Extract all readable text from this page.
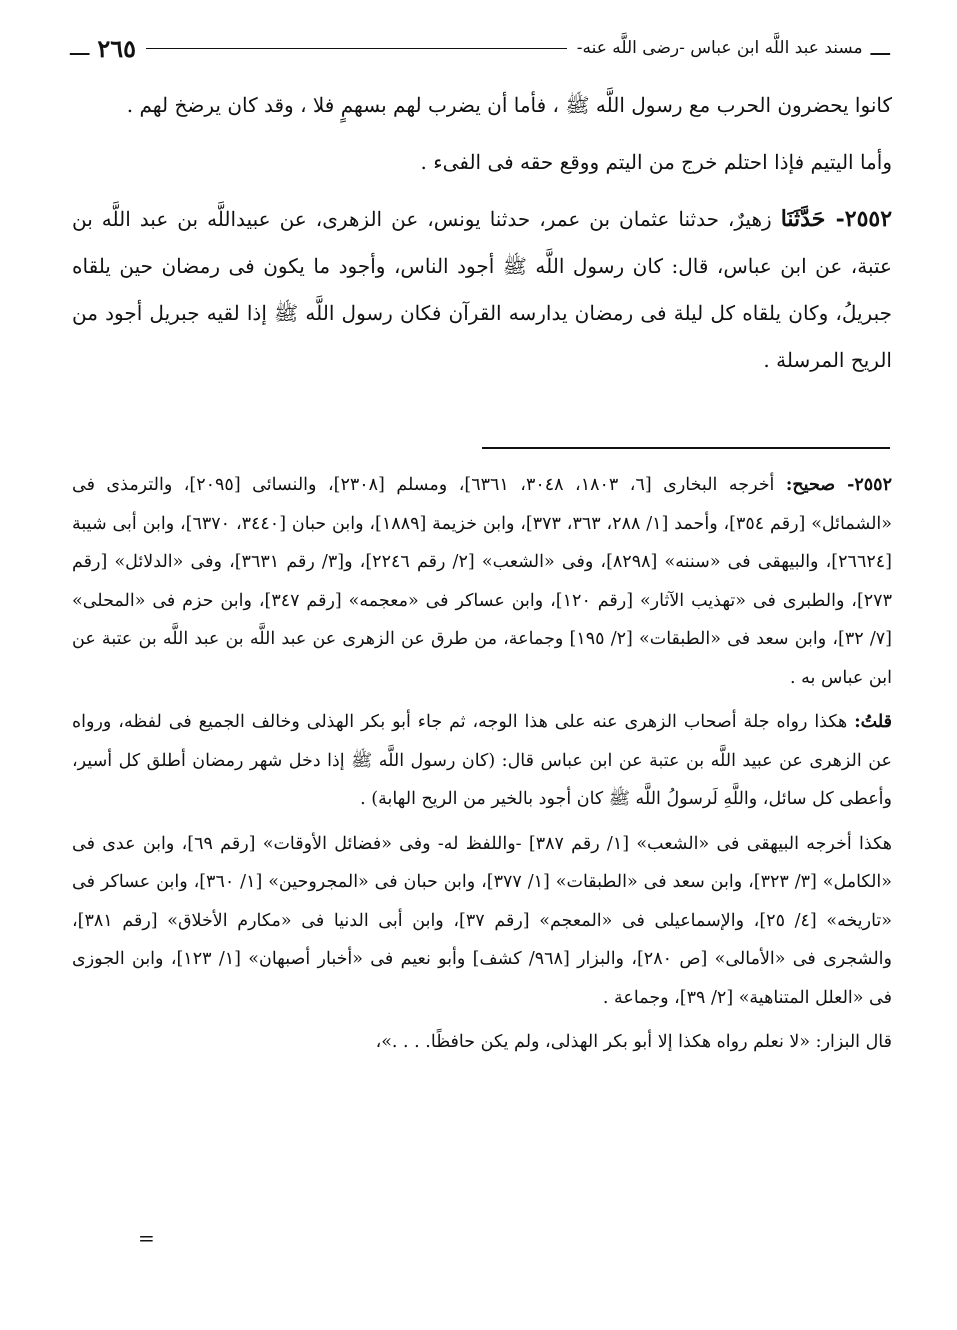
ـــ
مسند عبد اللَّه ابن عباس -رضى اللَّه عنه-
٢٦٥
ـــ

كانوا يحضرون الحرب مع رسول اللَّه ﷺ ، فأما أن يضرب لهم بسهمٍ فلا ، وقد كان يرضخ لهم .

وأما اليتيم فإذا احتلم خرج من اليتم ووقع حقه فى الفىء .

٢٥٥٢- حَدَّثَنَا زهيرٌ، حدثنا عثمان بن عمر، حدثنا يونس، عن الزهرى، عن عبيداللَّه بن عبد اللَّه بن عتبة، عن ابن عباس، قال: كان رسول اللَّه ﷺ أجود الناس، وأجود ما يكون فى رمضان حين يلقاه جبريلُ، وكان يلقاه كل ليلة فى رمضان يدارسه القرآن فكان رسول اللَّه ﷺ إذا لقيه جبريل أجود من الريح المرسلة .

٢٥٥٢- صحيح: أخرجه البخارى [٦، ١٨٠٣، ٣٠٤٨، ٦٣٦١]، ومسلم [٢٣٠٨]، والنسائى [٢٠٩٥]، والترمذى فى «الشمائل» [رقم ٣٥٤]، وأحمد [١/ ٢٨٨، ٣٦٣، ٣٧٣]، وابن خزيمة [١٨٨٩]، وابن حبان [٣٤٤٠، ٦٣٧٠]، وابن أبى شيبة [٢٦٦٢٤]، والبيهقى فى «سننه» [٨٢٩٨]، وفى «الشعب» [٢/ رقم ٢٢٤٦]، و[٣/ رقم ٣٦٣١]، وفى «الدلائل» [رقم ٢٧٣]، والطبرى فى «تهذيب الآثار» [رقم ١٢٠]، وابن عساكر فى «معجمه» [رقم ٣٤٧]، وابن حزم فى «المحلى» [٧/ ٣٢]، وابن سعد فى «الطبقات» [٢/ ١٩٥] وجماعة، من طرق عن الزهرى عن عبد اللَّه بن عبد اللَّه بن عتبة عن ابن عباس به .

قلتُ: هكذا رواه جلة أصحاب الزهرى عنه على هذا الوجه، ثم جاء أبو بكر الهذلى وخالف الجميع فى لفظه، ورواه عن الزهرى عن عبيد اللَّه بن عتبة عن ابن عباس قال: (كان رسول اللَّه ﷺ إذا دخل شهر رمضان أطلق كل أسير، وأعطى كل سائل، واللَّهِ لَرسولُ اللَّه ﷺ كان أجود بالخير من الريح الهابة) .

هكذا أخرجه البيهقى فى «الشعب» [١/ رقم ٣٨٧] -واللفظ له- وفى «فضائل الأوقات» [رقم ٦٩]، وابن عدى فى «الكامل» [٣/ ٣٢٣]، وابن سعد فى «الطبقات» [١/ ٣٧٧]، وابن حبان فى «المجروحين» [١/ ٣٦٠]، وابن عساكر فى «تاريخه» [٤/ ٢٥]، والإسماعيلى فى «المعجم» [رقم ٣٧]، وابن أبى الدنيا فى «مكارم الأخلاق» [رقم ٣٨١]، والشجرى فى «الأمالى» [ص ٢٨٠]، والبزار [٩٦٨/ كشف] وأبو نعيم فى «أخبار أصبهان» [١/ ١٢٣]، وابن الجوزى فى «العلل المتناهية» [٢/ ٣٩]، وجماعة .

قال البزار: «لا نعلم رواه هكذا إلا أبو بكر الهذلى، ولم يكن حافظًا. . . .»،

=
